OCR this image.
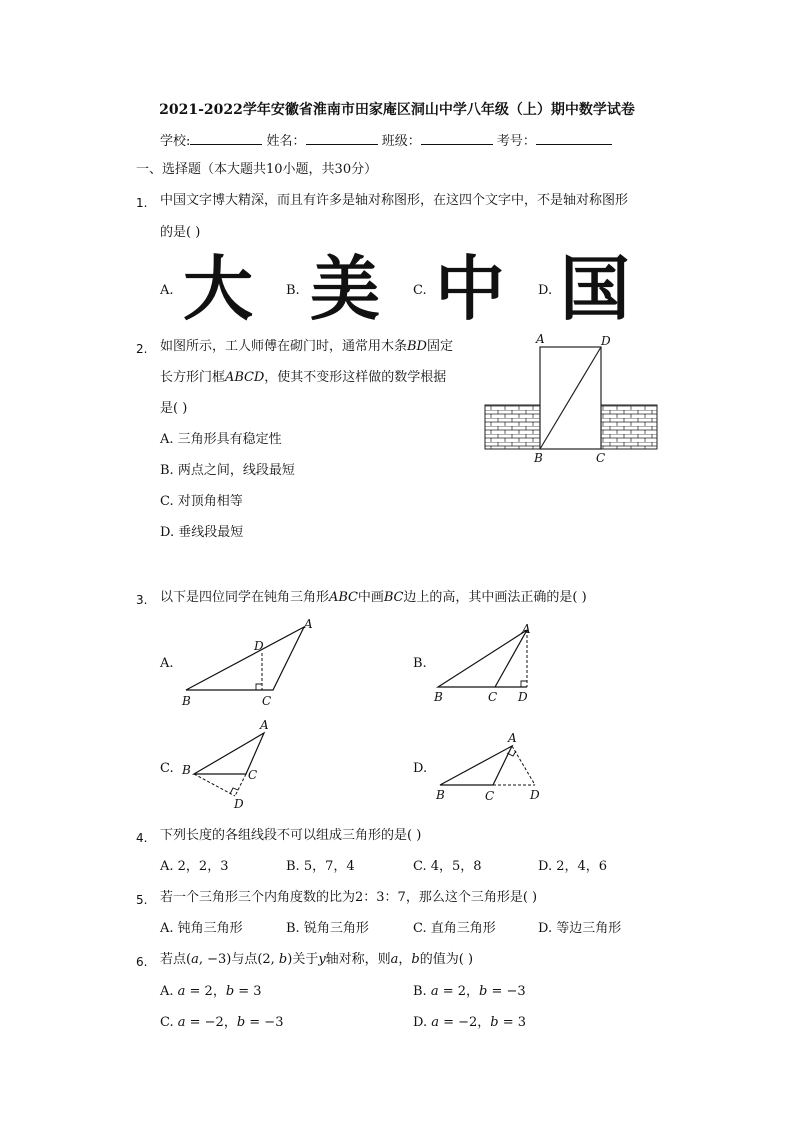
2021-2022学年安徽省淮南市田家庵区洞山中学八年级（上）期中数学试卷
学校:	姓名：	班级：	考号：
一、选择题（本大题共10小题，共30分）
1. 中国文字博大精深，而且有许多是轴对称图形，在这四个文字中，不是轴对称图形
的是( )
A. 大	B. 美	C. 中	D. 国
2. 如图所示，工人师傅在砌门时，通常用木条𝐵𝐷固定
长方形门框𝐴𝐵𝐶𝐷，使其不变形这样做的数学根据
是( )
A. 三角形具有稳定性
B. 两点之间，线段最短
C. 对顶角相等
D. 垂线段最短
A	D
B	C
3. 以下是四位同学在钝角三角形𝐴𝐵𝐶中画𝐵𝐶边上的高，其中画法正确的是( )
A.
A
D
B	C
B.
A
B	C D
C.
A
B	C
D
D.
A
B	C	D
4. 下列长度的各组线段不可以组成三角形的是( )
A. 2，2，3	B. 5，7，4	C. 4，5，8	D. 2，4，6
5. 若一个三角形三个内角度数的比为2：3：7，那么这个三角形是( )
A. 钝角三角形	B. 锐角三角形	C. 直角三角形	D. 等边三角形
6. 若点(𝑎, −3)与点(2, 𝑏)关于𝑦轴对称，则𝑎，𝑏的值为( )
A. 𝑎 = 2，𝑏 = 3	B. 𝑎 = 2，𝑏 = −3
C. 𝑎 = −2，𝑏 = −3	D. 𝑎 = −2，𝑏 = 3
